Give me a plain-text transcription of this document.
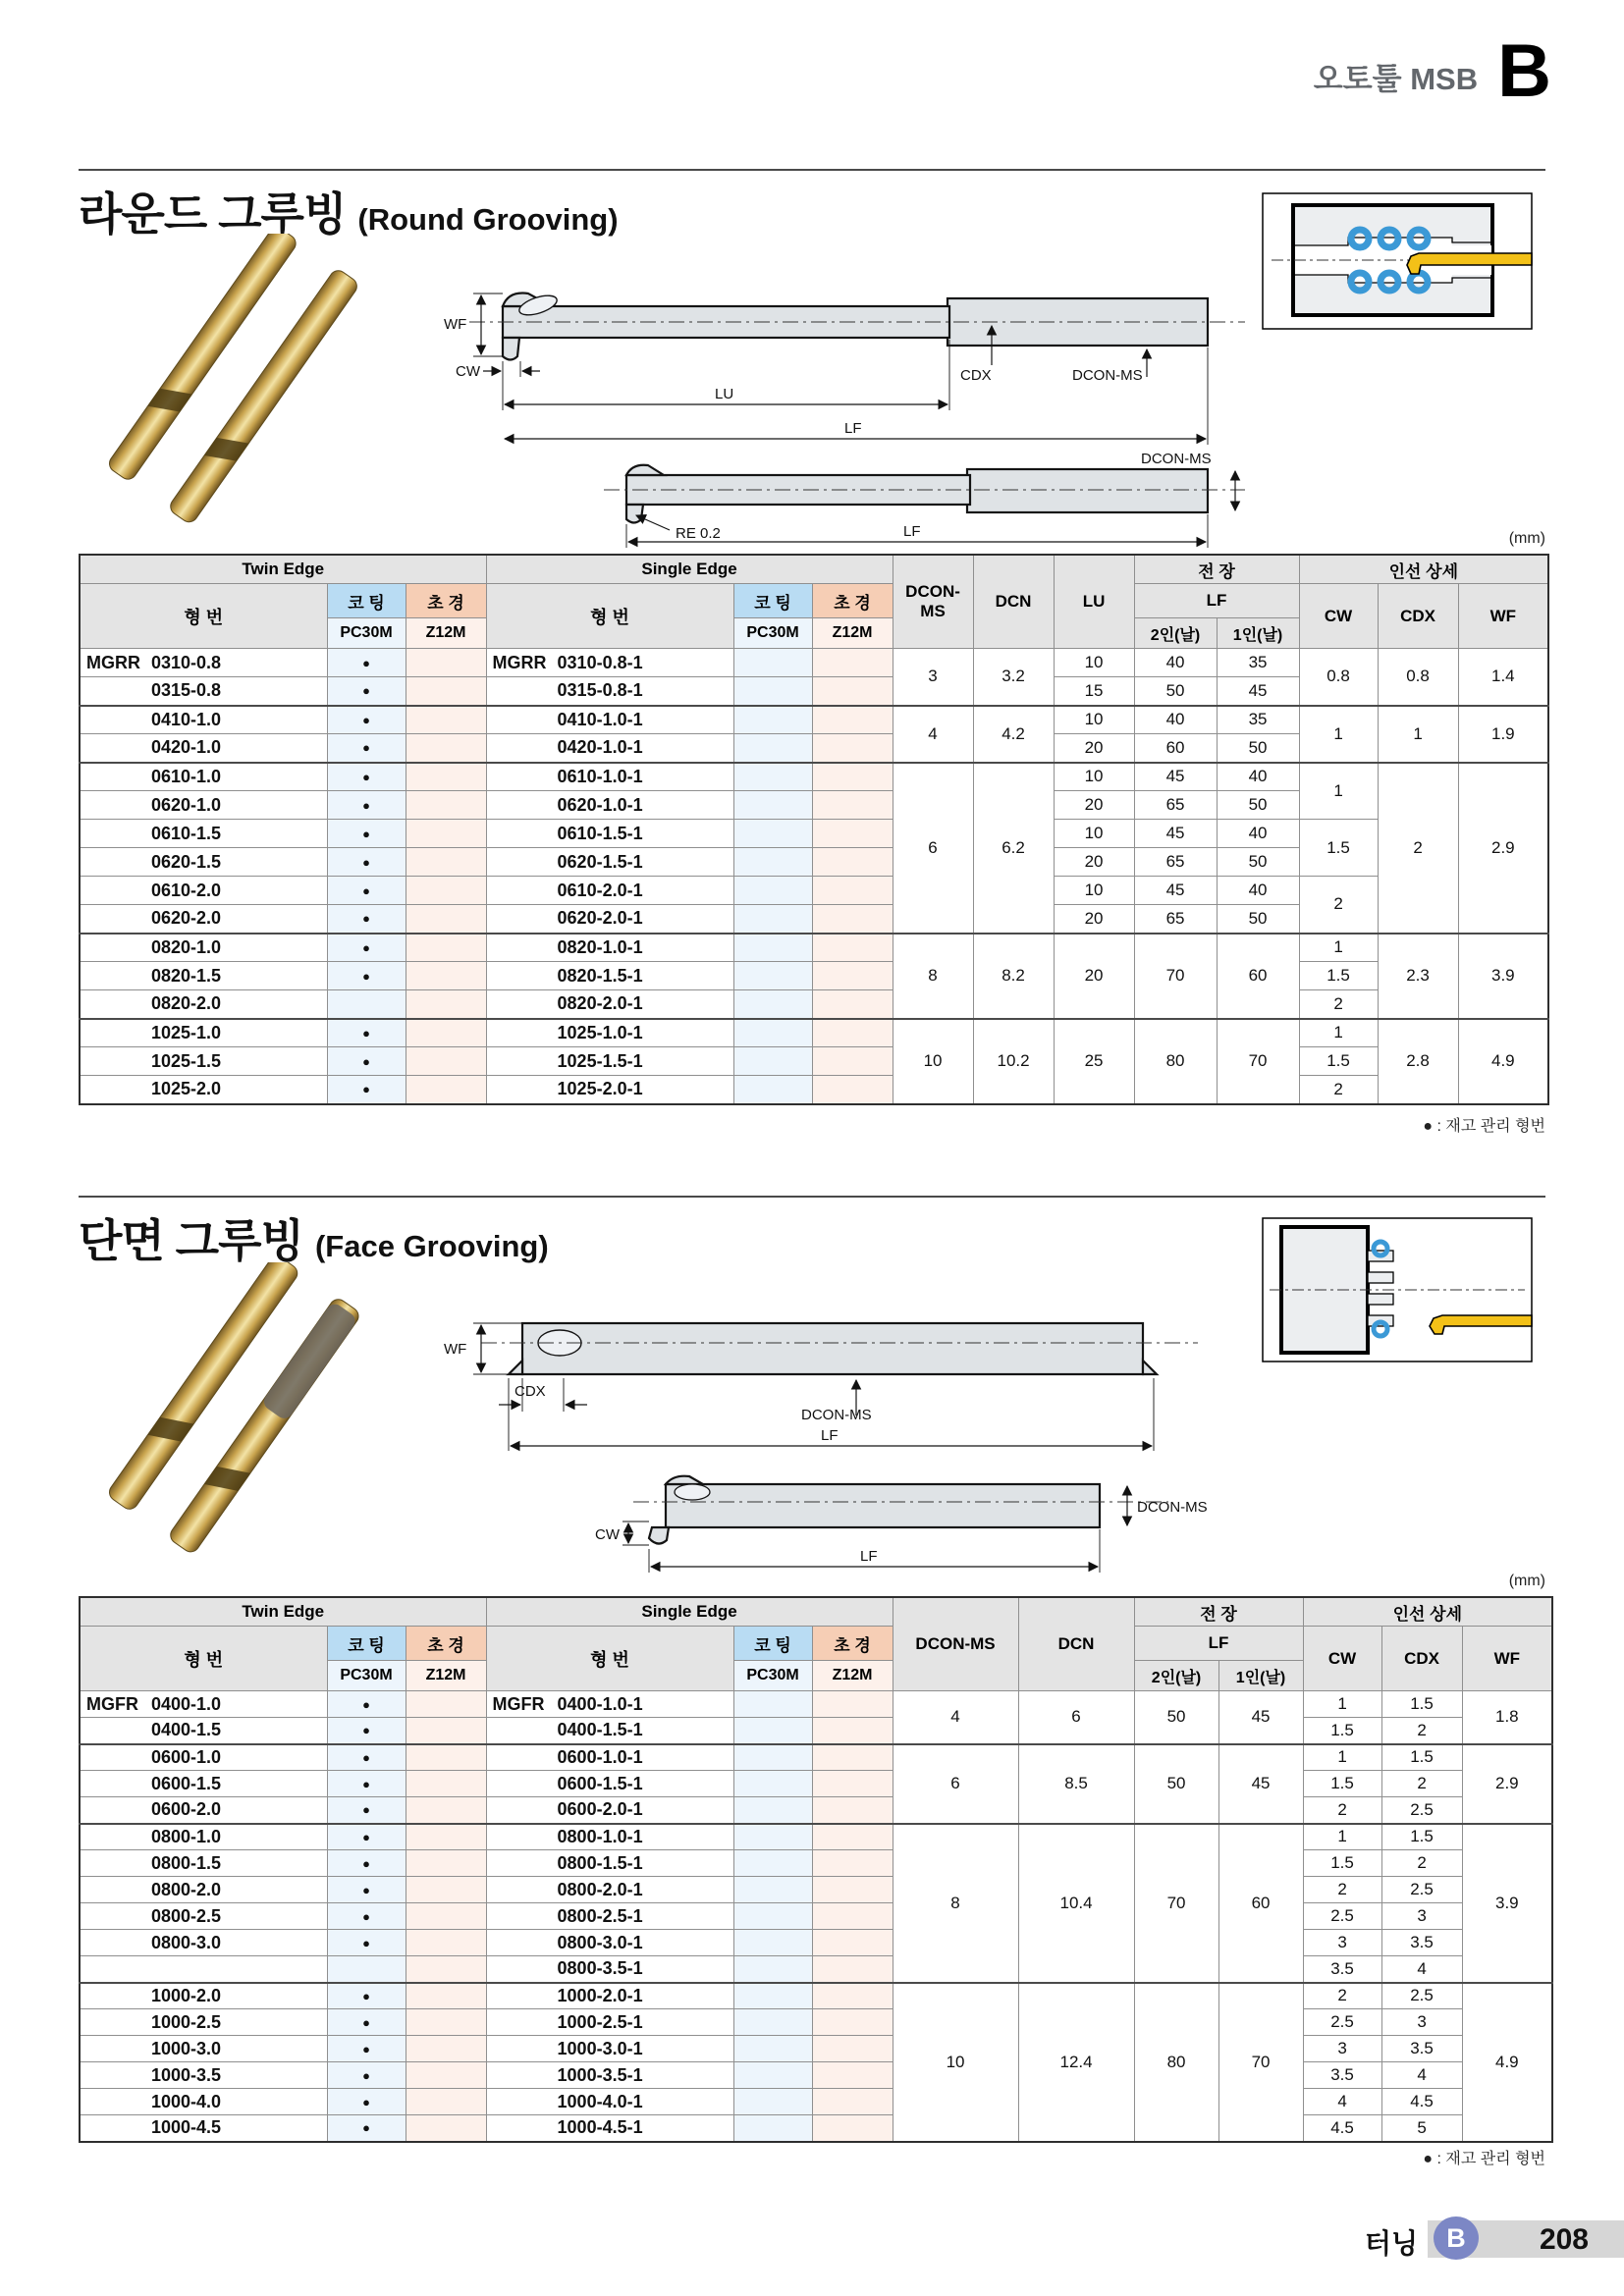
오토툴 MSB B
라운드 그루빙 (Round Grooving)
WF
CW	CDX	DCON-MS
LU
LF
RE 0.2
DCON-MS
LF	(mm)
Twin Edge			Single Edge			DCON-MS	DCN	LU	전 장		인선 상세		
형 번	코 팅	초 경	형 번	코 팅	초 경				LF		CW	CDX	WF
	PC30M	Z12M		PC30M	Z12M				2인(날)	1인(날)			
MGRR 0310-0.8	●		MGRR 0310-0.8-1			3	3.2	10	40	35	0.8	0.8	1.4
0315-0.8	●		0315-0.8-1					15	50	45			
0410-1.0	●		0410-1.0-1			4	4.2	10	40	35	1	1	1.9
0420-1.0	●		0420-1.0-1					20	60	50			
0610-1.0	●		0610-1.0-1			6	6.2	10	45	40	1	2	2.9
0620-1.0	●		0620-1.0-1					20	65	50			
0610-1.5	●		0610-1.5-1					10	45	40	1.5		
0620-1.5	●		0620-1.5-1					20	65	50			
0610-2.0	●		0610-2.0-1					10	45	40	2		
0620-2.0	●		0620-2.0-1					20	65	50			
0820-1.0	●		0820-1.0-1			8	8.2	20	70	60	1	2.3	3.9
0820-1.5	●		0820-1.5-1								1.5		
0820-2.0			0820-2.0-1								2		
1025-1.0	●		1025-1.0-1			10	10.2	25	80	70	1	2.8	4.9
1025-1.5	●		1025-1.5-1								1.5		
1025-2.0	●		1025-2.0-1								2		
● : 재고 관리 형번
단면 그루빙 (Face Grooving)
WF
CDX
DCON-MS
LF
CW
DCON-MS
LF
(mm)
Twin Edge			Single Edge			DCON-MS	DCN	전 장		인선 상세		
형 번	코 팅	초 경	형 번	코 팅	초 경			LF		CW	CDX	WF
	PC30M	Z12M		PC30M	Z12M			2인(날)	1인(날)			
MGFR 0400-1.0	●		MGFR 0400-1.0-1			4	6	50	45	1	1.5	1.8
0400-1.5	●		0400-1.5-1							1.5	2	
0600-1.0	●		0600-1.0-1			6	8.5	50	45	1	1.5	2.9
0600-1.5	●		0600-1.5-1							1.5	2	
0600-2.0	●		0600-2.0-1							2	2.5	
0800-1.0	●		0800-1.0-1			8	10.4	70	60	1	1.5	3.9
0800-1.5	●		0800-1.5-1							1.5	2	
0800-2.0	●		0800-2.0-1							2	2.5	
0800-2.5	●		0800-2.5-1							2.5	3	
0800-3.0	●		0800-3.0-1							3	3.5	
			0800-3.5-1							3.5	4	
1000-2.0	●		1000-2.0-1			10	12.4	80	70	2	2.5	4.9
1000-2.5	●		1000-2.5-1							2.5	3	
1000-3.0	●		1000-3.0-1							3	3.5	
1000-3.5	●		1000-3.5-1							3.5	4	
1000-4.0	●		1000-4.0-1							4	4.5	
1000-4.5	●		1000-4.5-1							4.5	5	
● : 재고 관리 형번
터닝	B	208
